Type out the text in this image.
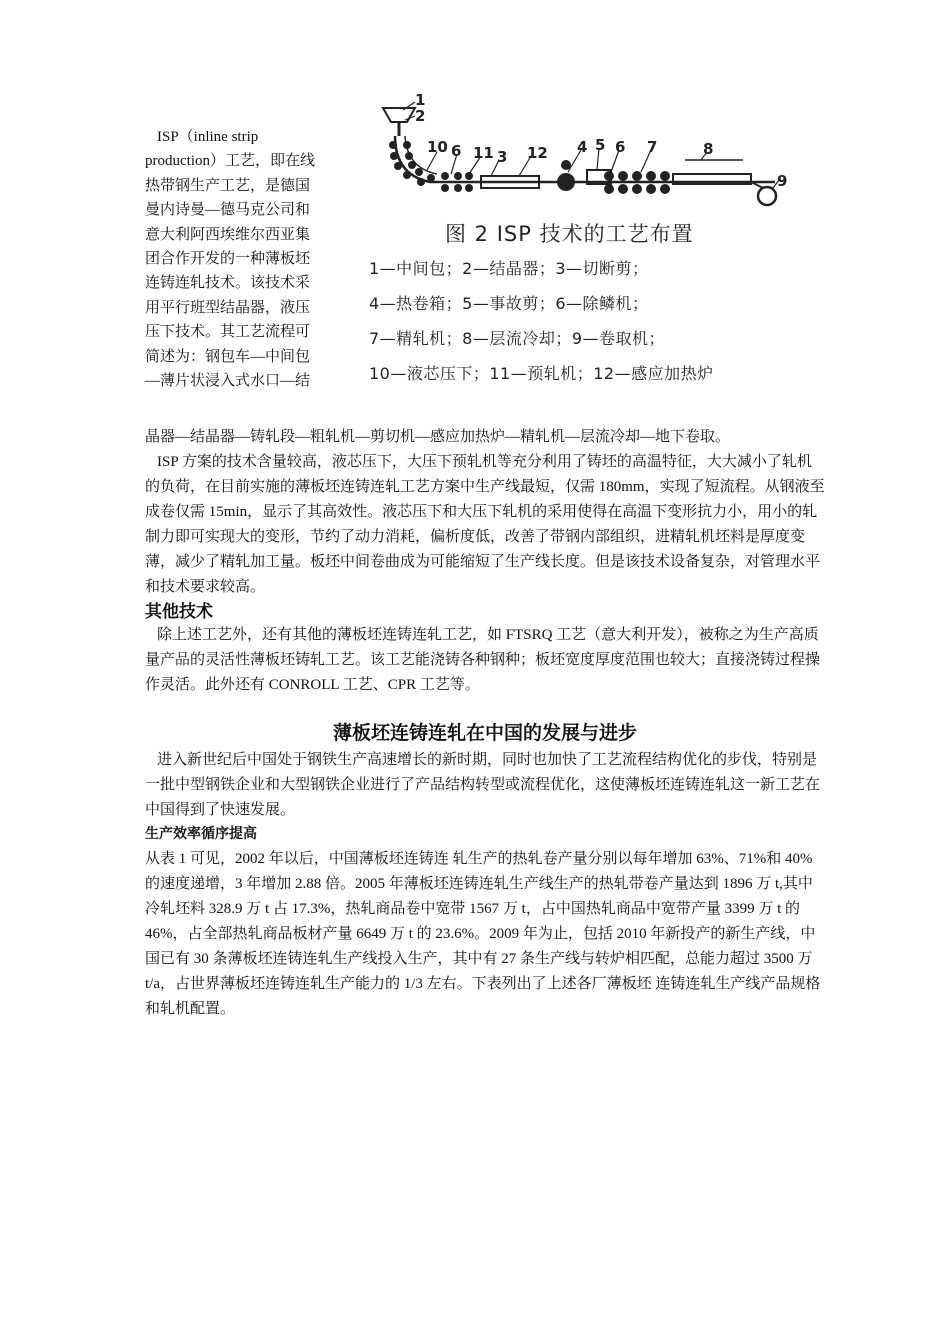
ISP（inline strip production）工艺，即在线热带钢生产工艺，是德国曼内诗曼—德马克公司和意大利阿西埃维尔西亚集团合作开发的一种薄板坯连铸连轧技术。该技术采用平行班型结晶器，液压压下技术。其工艺流程可简述为：钢包车—中间包—薄片状浸入式水口—结

1
2
10 6 11 3 12 4 5 6 7	8
9
图 2 ISP 技术的工艺布置
1—中间包；2—结晶器；3—切断剪；
4—热卷箱；5—事故剪；6—除鳞机；
7—精轧机；8—层流冷却；9—卷取机；
10—液芯压下；11—预轧机；12—感应加热炉

晶器—结晶器—铸轧段—粗轧机—剪切机—感应加热炉—精轧机—层流冷却—地下卷取。

ISP 方案的技术含量较高，液芯压下，大压下预轧机等充分利用了铸坯的高温特征，大大减小了轧机的负荷，在目前实施的薄板坯连铸连轧工艺方案中生产线最短，仅需 180mm，实现了短流程。从钢液至成卷仅需 15min，显示了其高效性。液芯压下和大压下轧机的采用使得在高温下变形抗力小，用小的轧制力即可实现大的变形，节约了动力消耗，偏析度低，改善了带钢内部组织，进精轧机坯料是厚度变薄，减少了精轧加工量。板坯中间卷曲成为可能缩短了生产线长度。但是该技术设备复杂，对管理水平和技术要求较高。

其他技术

除上述工艺外，还有其他的薄板坯连铸连轧工艺，如 FTSRQ 工艺（意大利开发），被称之为生产高质量产品的灵活性薄板坯铸轧工艺。该工艺能浇铸各种钢种；板坯宽度厚度范围也较大；直接浇铸过程操作灵活。此外还有 CONROLL 工艺、CPR 工艺等。

薄板坯连铸连轧在中国的发展与进步

进入新世纪后中国处于钢铁生产高速增长的新时期，同时也加快了工艺流程结构优化的步伐，特别是一批中型钢铁企业和大型钢铁企业进行了产品结构转型或流程优化，这使薄板坯连铸连轧这一新工艺在中国得到了快速发展。

生产效率循序提高

从表 1 可见，2002 年以后，中国薄板坯连铸连 轧生产的热轧卷产量分别以每年增加 63%、71%和 40%的速度递增，3 年增加 2.88 倍。2005 年薄板坯连铸连轧生产线生产的热轧带卷产量达到 1896 万 t,其中冷轧坯料 328.9 万 t 占 17.3%，热轧商品卷中宽带 1567 万 t，占中国热轧商品中宽带产量 3399 万 t 的 46%，占全部热轧商品板材产量 6649 万 t 的 23.6%。2009 年为止，包括 2010 年新投产的新生产线，中国已有 30 条薄板坯连铸连轧生产线投入生产，其中有 27 条生产线与转炉相匹配，总能力超过 3500 万 t/a，占世界薄板坯连铸连轧生产能力的 1/3 左右。下表列出了上述各厂薄板坯 连铸连轧生产线产品规格和轧机配置。
